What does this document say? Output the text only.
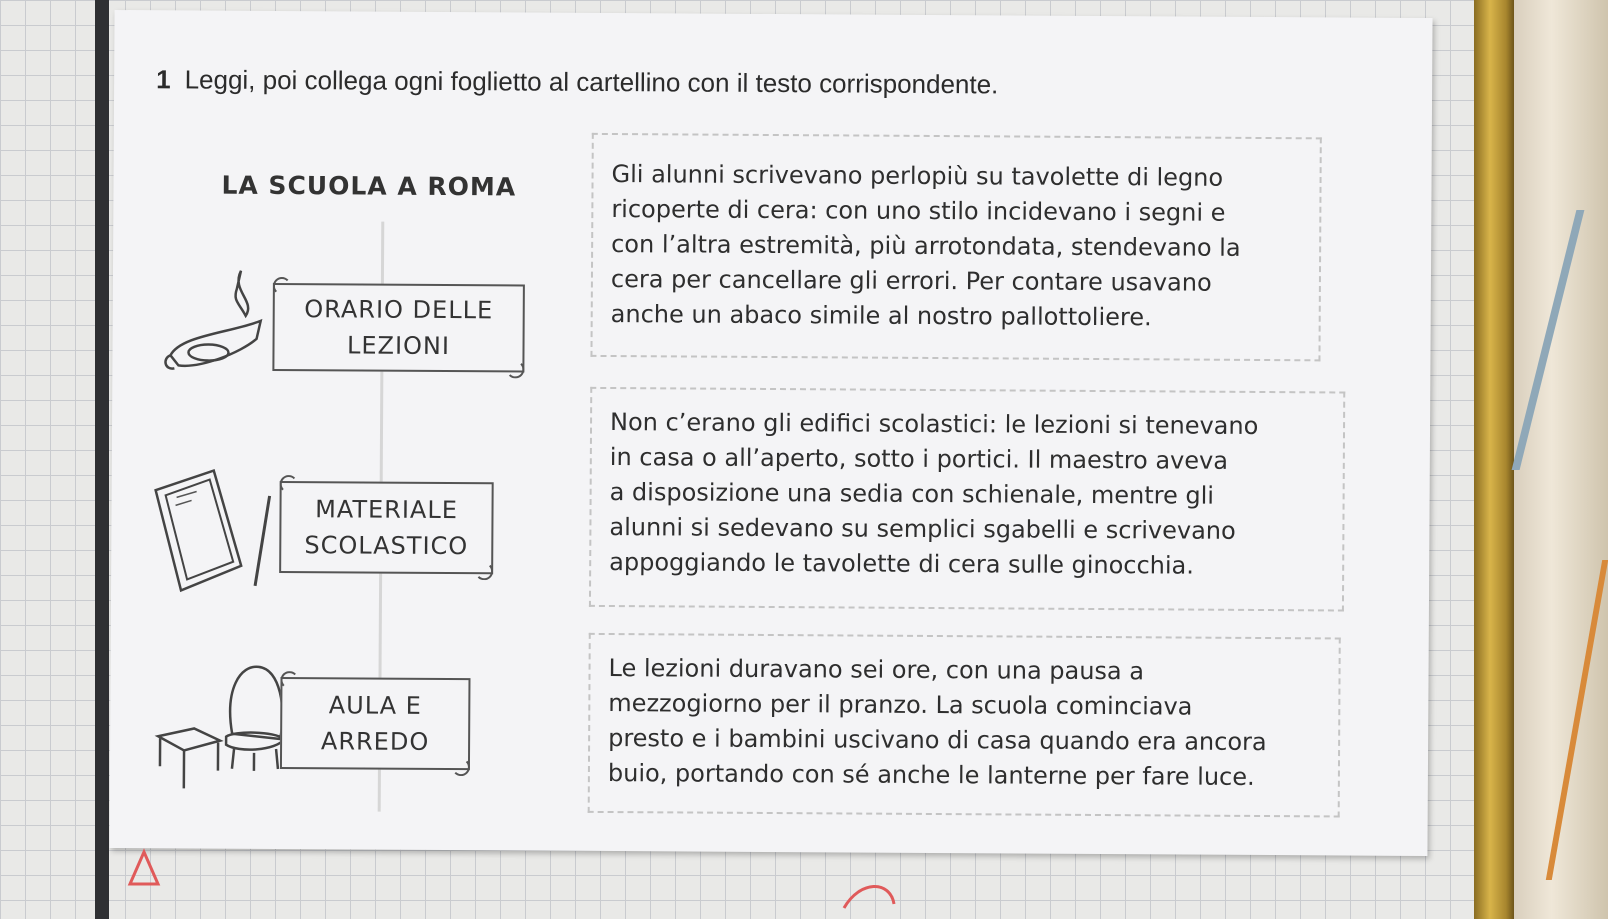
1 Leggi, poi collega ogni foglietto al cartellino con il testo corrispondente.
LA SCUOLA A ROMA
ORARIO DELLE
LEZIONI
MATERIALE
SCOLASTICO
AULA E
ARREDO

Gli alunni scrivevano perlopiù su tavolette di legno
ricoperte di cera: con uno stilo incidevano i segni e
con l’altra estremità, più arrotondata, stendevano la
cera per cancellare gli errori. Per contare usavano
anche un abaco simile al nostro pallottoliere.

Non c’erano gli edifici scolastici: le lezioni si tenevano
in casa o all’aperto, sotto i portici. Il maestro aveva
a disposizione una sedia con schienale, mentre gli
alunni si sedevano su semplici sgabelli e scrivevano
appoggiando le tavolette di cera sulle ginocchia.

Le lezioni duravano sei ore, con una pausa a
mezzogiorno per il pranzo. La scuola cominciava
presto e i bambini uscivano di casa quando era ancora
buio, portando con sé anche le lanterne per fare luce.
